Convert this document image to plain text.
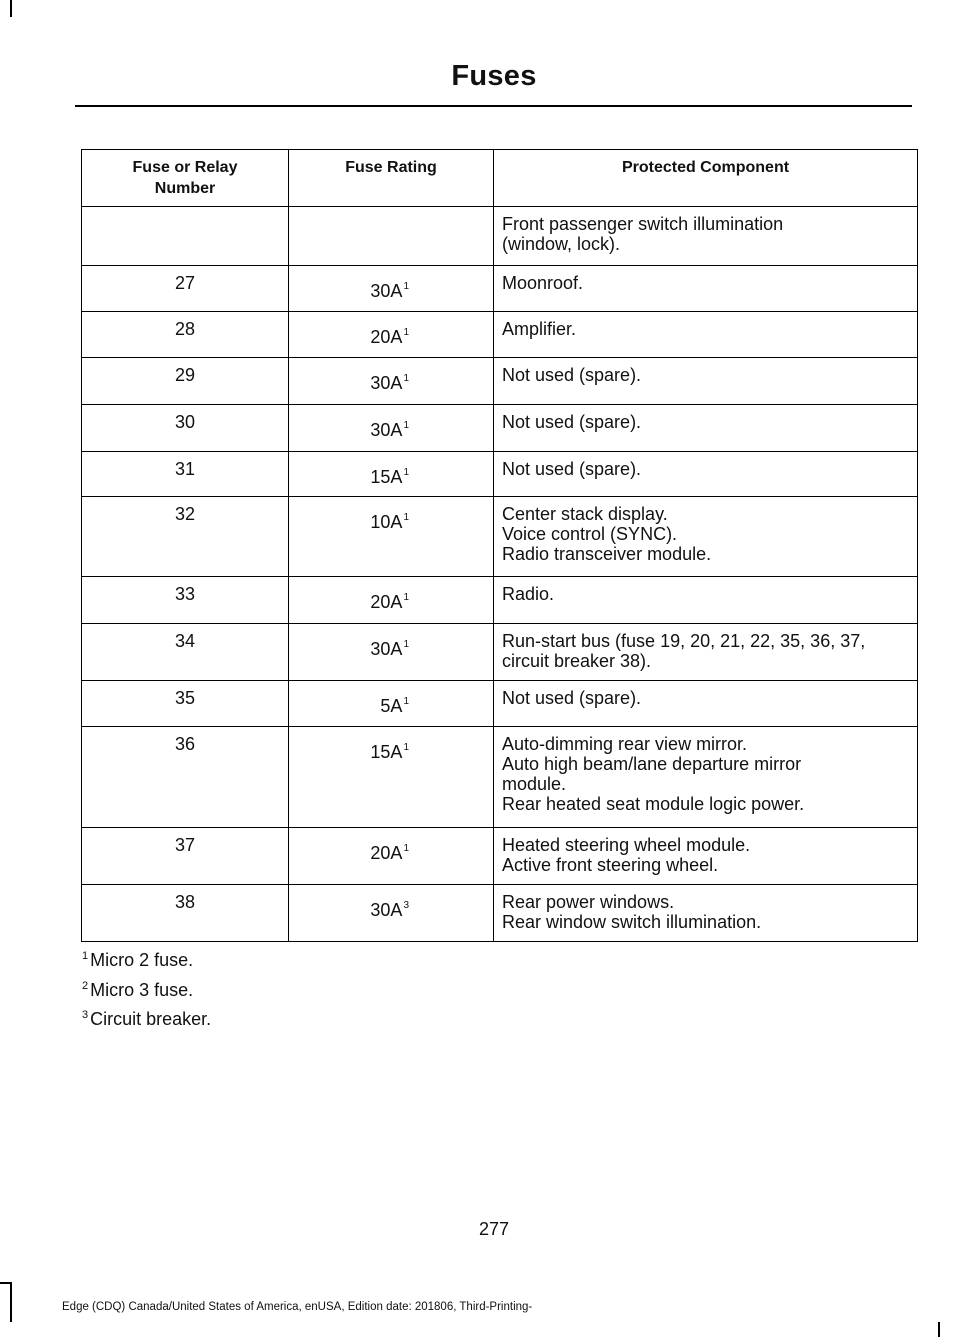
Fuses
Fuse or Relay Number	Fuse Rating	Protected Component

		Front passenger switch illumination
(window, lock).

27	$30A^1$	Moonroof.

28	$20A^1$	Amplifier.

29	$30A^1$	Not used (spare).

30	$30A^1$	Not used (spare).

31	$15A^1$	Not used (spare).

32	$10A^1$	Center stack display.
Voice control (SYNC).
Radio transceiver module.

33	$20A^1$	Radio.

34	$30A^1$	Run-start bus (fuse 19, 20, 21, 22, 35, 36, 37,
circuit breaker 38).

35	$5A^1$	Not used (spare).

36	$15A^1$	Auto-dimming rear view mirror.
Auto high beam/lane departure mirror
module.
Rear heated seat module logic power.

37	$20A^1$	Heated steering wheel module.
Active front steering wheel.

38	$30A^3$	Rear power windows.
Rear window switch illumination.
$^1$ Micro 2 fuse.
$^2$ Micro 3 fuse.
$^3$ Circuit breaker.
277
Edge (CDQ) Canada/United States of America, enUSA, Edition date: 201806, Third-Printing-
